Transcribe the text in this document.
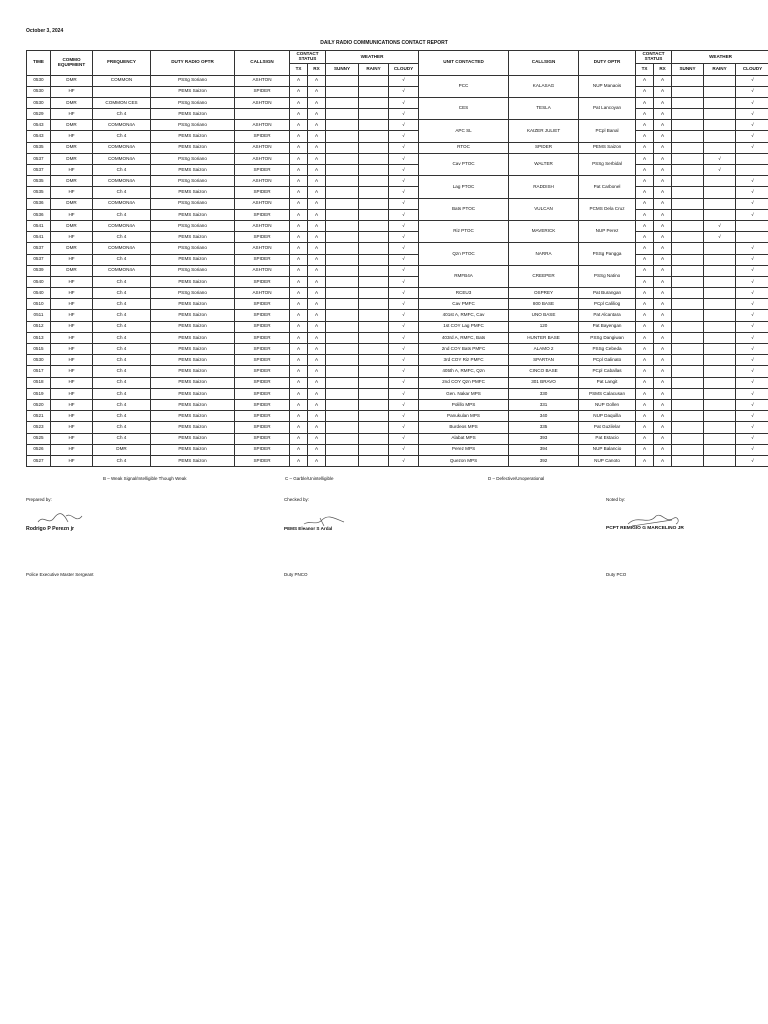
October 3, 2024
DAILY RADIO COMMUNICATIONS CONTACT REPORT
TIME	COMMO EQUIPMENT	FREQUENCY	DUTY RADIO OPTR	CALLSIGN	CONTACT STATUS		WEATHER			UNIT CONTACTED	CALLSIGN	DUTY OPTR	CONTACT STATUS		WEATHER		
					TX	RX	SUNNY	RAINY	CLOUDY				TX	RX	SUNNY	RAINY	CLOUDY
0530	DMR	COMMON	PSSg Soriano	ASHTON	A	A			√	PCC	KALASAG	NUP Manaois	A	A			√
0530	HF		PEMS Saizon	SPIDER	A	A			√				A	A			√
0530	DMR	COMMON CES	PSSg Soriano	ASHTON	A	A			√	CES	TESLA	Pat Lancoyan	A	A			√
0529	HF	Ch 4	PEMS Saizon		A	A			√				A	A			√
0543	DMR	COMMON4A	PSSg Soriano	ASHTON	A	A			√	APC SL	KAIZER JULIET	PCpl Banal	A	A			√
0543	HF	Ch 4	PEMS Saizon	SPIDER	A	A			√				A	A			√
0535	DMR	COMMON4A	PEMS Saizon	ASHTON	A	A			√	RTOC	SPIDER	PEMS Saizon	A	A			√
0537	DMR	COMMON4A	PSSg Soriano	ASHTON	A	A			√	Cav PTOC	WALTER	PSSg Serbidal	A	A		√	
0537	HF	Ch 4	PEMS Saizon	SPIDER	A	A			√				A	A		√	
0535	DMR	COMMON4A	PSSg Soriano	ASHTON	A	A			√	Lag PTOC	RADDISH	Pat Carbonel	A	A			√
0535	HF	Ch 4	PEMS Saizon	SPIDER	A	A			√				A	A			√
0536	DMR	COMMON4A	PSSg Soriano	ASHTON	A	A			√	Bats PTOC	VULCAN	PCMS Dela Cruz	A	A			√
0536	HF	Ch 4	PEMS Saizon	SPIDER	A	A			√				A	A			√
0541	DMR	COMMON4A	PSSg Soriano	ASHTON	A	A			√	Riz PTOC	MAVERICK	NUP Perez	A	A		√	
0541	HF	Ch 4	PEMS Saizon	SPIDER	A	A			√				A	A		√	
0537	DMR	COMMON4A	PSSg Soriano	ASHTON	A	A			√	Qzn PTOC	NARRA	PSSg Pangga	A	A			√
0537	HF	Ch 4	PEMS Saizon	SPIDER	A	A			√				A	A			√
0539	DMR	COMMON4A	PSSg Soriano	ASHTON	A	A			√	RMFB4A	CREEPER	PSSg Natino	A	A			√
0540	HF	Ch 4	PEMS Saizon	SPIDER	A	A			√				A	A			√
0540	HF	Ch 4	PSSg Soriano	ASHTON	A	A			√	RCEU3	OSPREY	Pat Burangan	A	A			√
0510	HF	Ch 4	PEMS Saizon	SPIDER	A	A			√	Cav PMFC	800 BASE	PCpl Caliliog	A	A			√
0511	HF	Ch 4	PEMS Saizon	SPIDER	A	A			√	401st A, RMFC, Cav	UNO BASE	Pat Alcantara	A	A			√
0512	HF	Ch 4	PEMS Saizon	SPIDER	A	A			√	1st COY Lag PMFC	120	Pat Bayengan	A	A			√
0513	HF	Ch 4	PEMS Saizon	SPIDER	A	A			√	403rd A, RMFC, Bats	HUNTER BASE	PSSg Dangiwan	A	A			√
0515	HF	Ch 4	PEMS Saizon	SPIDER	A	A			√	2nd COY Bats PMFC	ALAMO 2	PSSg Cebeda	A	A			√
0530	HF	Ch 4	PEMS Saizon	SPIDER	A	A			√	3rd COY Riz PMFC	SPARTAN	PCpl Galinato	A	A			√
0517	HF	Ch 4	PEMS Saizon	SPIDER	A	A			√	405th A, RMFC, Qzn	CINCO BASE	PCpl Caballas	A	A			√
0518	HF	Ch 4	PEMS Saizon	SPIDER	A	A			√	2nd COY Qzn PMFC	301 BRAVO	Pat Langit	A	A			√
0519	HF	Ch 4	PEMS Saizon	SPIDER	A	A			√	Gen. Nakar MPS	330	PSMS Calacusan	A	A			√
0520	HF	Ch 4	PEMS Saizon	SPIDER	A	A			√	Polillo MPS	331	NUP Gollen	A	A			√
0521	HF	Ch 4	PEMS Saizon	SPIDER	A	A			√	Panukulan MPS	340	NUP Daquilla	A	A			√
0523	HF	Ch 4	PEMS Saizon	SPIDER	A	A			√	Burdeos MPS	335	Pat Guzilelar	A	A			√
0525	HF	Ch 4	PEMS Saizon	SPIDER	A	A			√	Alabat MPS	393	Pat Estacio	A	A			√
0526	HF	DMR	PEMS Saizon	SPIDER	A	A			√	Perez MPS	394	NUP Balancio	A	A			√
0527	HF	Ch 4	PEMS Saizon	SPIDER	A	A			√	Quezon MPS	392	NUP Canoto	A	A			√
B – Weak Signal/Intelligible Though Weak	C – Garble/Unintelligible	D – Defective/Unoperational
Prepared by:	Checked by:	Noted by:
Rodrigo P Perezn jr	PEMS Eleanor S Ardal	PCPT REMIGIO G MARCELINO JR
Police Executive Master Sergeant	Duty PNCO	Duty PCO
